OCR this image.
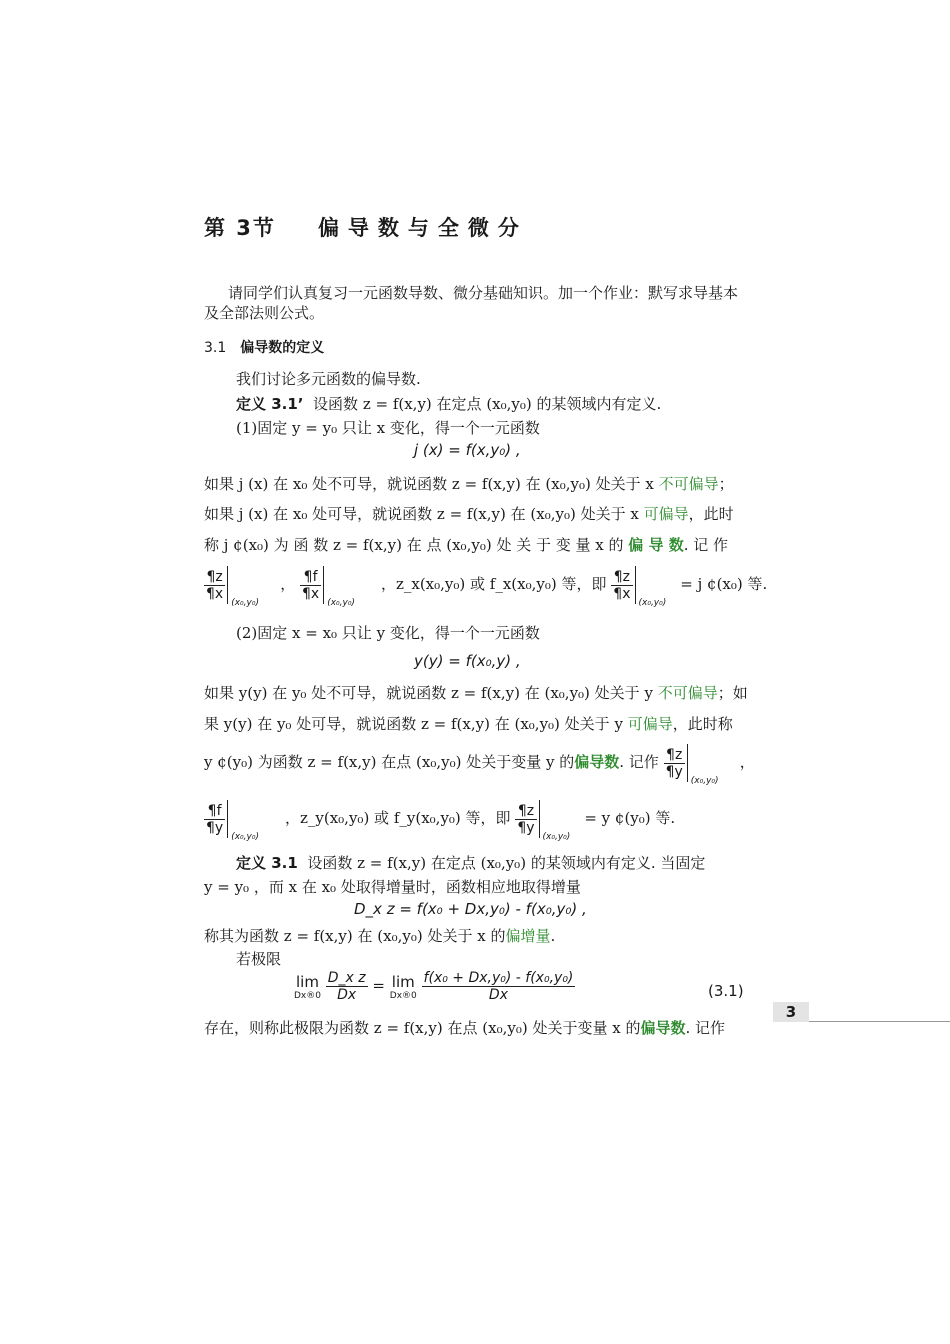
第 3节 偏导数与全微分
请同学们认真复习一元函数导数、微分基础知识。加一个作业：默写求导基本及全部法则公式。
3.1 偏导数的定义
我们讨论多元函数的偏导数.
定义 3.1’ 设函数 z = f(x,y) 在定点 (x₀,y₀) 的某领域内有定义.
(1)固定 y = y₀ 只让 x 变化，得一个一元函数
j (x) = f(x,y₀) ,
如果 j (x) 在 x₀ 处不可导，就说函数 z = f(x,y) 在 (x₀,y₀) 处关于 x 不可偏导；
如果 j (x) 在 x₀ 处可导，就说函数 z = f(x,y) 在 (x₀,y₀) 处关于 x 可偏导，此时
称 j ¢(x₀) 为 函 数 z = f(x,y) 在 点 (x₀,y₀) 处 关 于 变 量 x 的 偏 导 数. 记 作
$\frac{\P z}{\P x}$
(x₀,y₀)
， $\frac{\P f}{\P x}$
(x₀,y₀)
，z_x(x₀,y₀) 或 f_x(x₀,y₀) 等，即 $\frac{\P z}{\P x}$
(x₀,y₀)
= j ¢(x₀) 等.
(2)固定 x = x₀ 只让 y 变化，得一个一元函数
y(y) = f(x₀,y) ,
如果 y(y) 在 y₀ 处不可导，就说函数 z = f(x,y) 在 (x₀,y₀) 处关于 y 不可偏导；如
果 y(y) 在 y₀ 处可导，就说函数 z = f(x,y) 在 (x₀,y₀) 处关于 y 可偏导，此时称
y ¢(y₀) 为函数 z = f(x,y) 在点 (x₀,y₀) 处关于变量 y 的偏导数. 记作 $\frac{\P z}{\P y}$
(x₀,y₀)
，
$\frac{\P f}{\P y}$
(x₀,y₀)
，z_y(x₀,y₀) 或 f_y(x₀,y₀) 等，即 $\frac{\P z}{\P y}$
(x₀,y₀)
= y ¢(y₀) 等.
定义 3.1 设函数 z = f(x,y) 在定点 (x₀,y₀) 的某领域内有定义. 当固定
y = y₀ ，而 x 在 x₀ 处取得增量时，函数相应地取得增量
D_x z = f(x₀ + Dx,y₀) - f(x₀,y₀) ,
称其为函数 z = f(x,y) 在 (x₀,y₀) 处关于 x 的偏增量.
若极限
lim
Dx®0
$\frac{\text{D\_x z}}{Dx} = \lim$
Dx®0
$\frac{\text{f(x₀ + Dx,y₀) - f(x₀,y₀)}}{Dx}$	(3.1)
存在，则称此极限为函数 z = f(x,y) 在点 (x₀,y₀) 处关于变量 x 的偏导数. 记作
3
